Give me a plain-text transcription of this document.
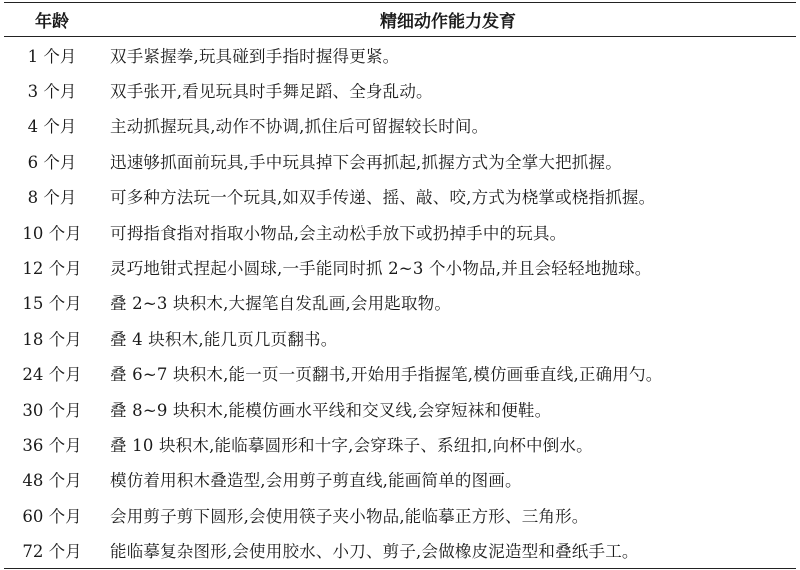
年龄	精细动作能力发育
1 个月	双手紧握拳,玩具碰到手指时握得更紧。
3 个月	双手张开,看见玩具时手舞足蹈、全身乱动。
4 个月	主动抓握玩具,动作不协调,抓住后可留握较长时间。
6 个月	迅速够抓面前玩具,手中玩具掉下会再抓起,抓握方式为全掌大把抓握。
8 个月	可多种方法玩一个玩具,如双手传递、摇、敲、咬,方式为桡掌或桡指抓握。
10 个月	可拇指食指对指取小物品,会主动松手放下或扔掉手中的玩具。
12 个月	灵巧地钳式捏起小圆球,一手能同时抓 2~3 个小物品,并且会轻轻地抛球。
15 个月	叠 2~3 块积木,大握笔自发乱画,会用匙取物。
18 个月	叠 4 块积木,能几页几页翻书。
24 个月	叠 6~7 块积木,能一页一页翻书,开始用手指握笔,模仿画垂直线,正确用勺。
30 个月	叠 8~9 块积木,能模仿画水平线和交叉线,会穿短袜和便鞋。
36 个月	叠 10 块积木,能临摹圆形和十字,会穿珠子、系纽扣,向杯中倒水。
48 个月	模仿着用积木叠造型,会用剪子剪直线,能画简单的图画。
60 个月	会用剪子剪下圆形,会使用筷子夹小物品,能临摹正方形、三角形。
72 个月	能临摹复杂图形,会使用胶水、小刀、剪子,会做橡皮泥造型和叠纸手工。
